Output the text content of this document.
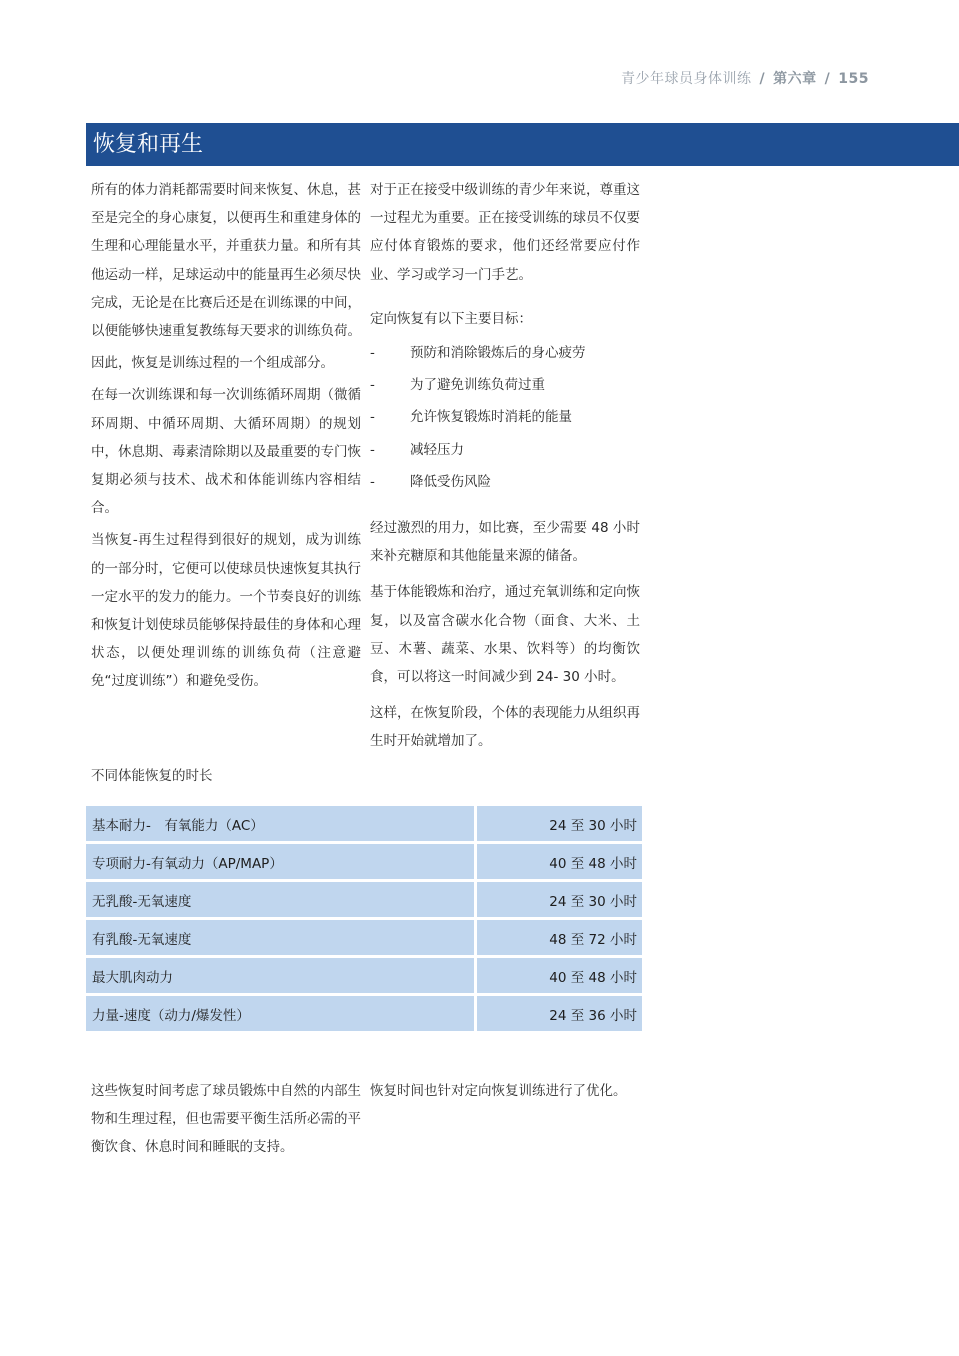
青少年球员身体训练 / 第六章 / 155
恢复和再生

所有的体力消耗都需要时间来恢复、休息，甚至是完全的身心康复，以便再生和重建身体的生理和心理能量水平，并重获力量。和所有其他运动一样，足球运动中的能量再生必须尽快完成，无论是在比赛后还是在训练课的中间，以便能够快速重复教练每天要求的训练负荷。

因此，恢复是训练过程的一个组成部分。

在每一次训练课和每一次训练循环周期（微循环周期、中循环周期、大循环周期）的规划中，休息期、毒素清除期以及最重要的专门恢复期必须与技术、战术和体能训练内容相结合。

当恢复-再生过程得到很好的规划，成为训练的一部分时，它便可以使球员快速恢复其执行一定水平的发力的能力。一个节奏良好的训练和恢复计划使球员能够保持最佳的身体和心理状态，以便处理训练的训练负荷（注意避免“过度训练”）和避免受伤。

对于正在接受中级训练的青少年来说，尊重这一过程尤为重要。正在接受训练的球员不仅要应付体育锻炼的要求，他们还经常要应付作业、学习或学习一门手艺。

定向恢复有以下主要目标：

-	预防和消除锻炼后的身心疲劳
-	为了避免训练负荷过重
-	允许恢复锻炼时消耗的能量
-	减轻压力
-	降低受伤风险

经过激烈的用力，如比赛，至少需要 48 小时来补充糖原和其他能量来源的储备。

基于体能锻炼和治疗，通过充氧训练和定向恢复，以及富含碳水化合物（面食、大米、土豆、木薯、蔬菜、水果、饮料等）的均衡饮食，可以将这一时间减少到 24- 30 小时。

这样，在恢复阶段，个体的表现能力从组织再生时开始就增加了。

不同体能恢复的时长
基本耐力-　有氧能力（AC）	24 至 30 小时
专项耐力-有氧动力（AP/MAP）	40 至 48 小时
无乳酸-无氧速度	24 至 30 小时
有乳酸-无氧速度	48 至 72 小时
最大肌肉动力	40 至 48 小时
力量-速度（动力/爆发性）	24 至 36 小时

这些恢复时间考虑了球员锻炼中自然的内部生物和生理过程，但也需要平衡生活所必需的平衡饮食、休息时间和睡眠的支持。

恢复时间也针对定向恢复训练进行了优化。
